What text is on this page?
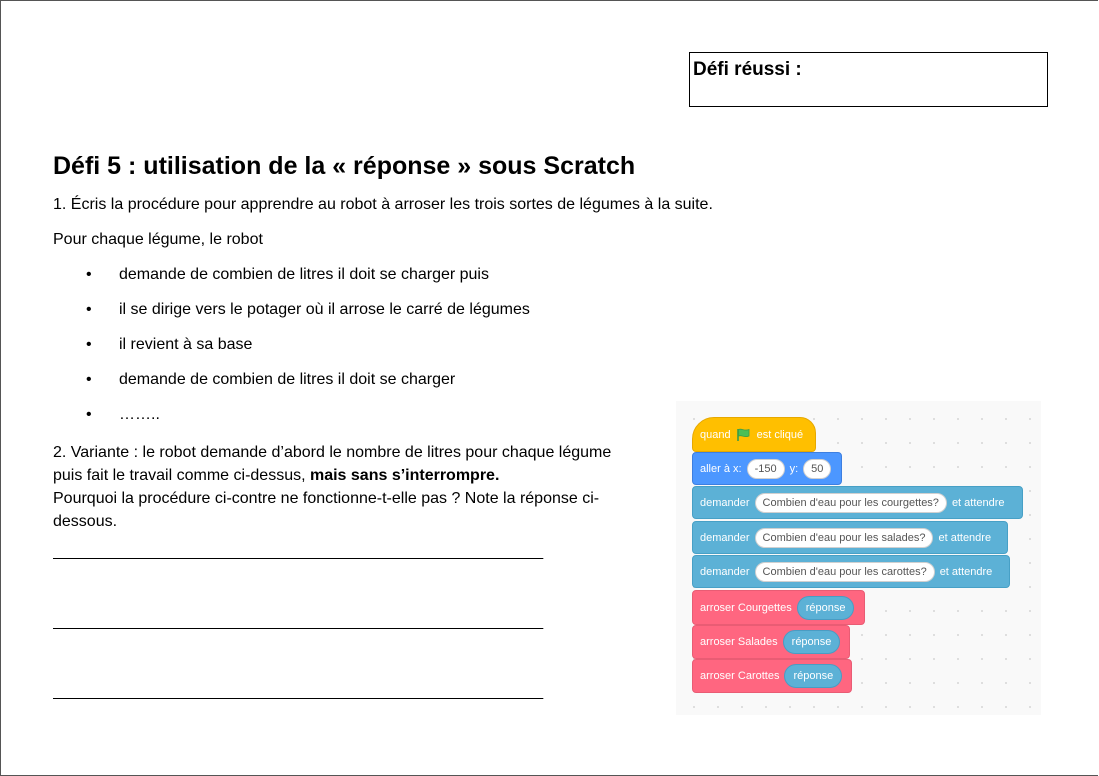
Défi réussi :
Défi 5 : utilisation de la « réponse » sous Scratch
1. Écris la procédure pour apprendre au robot à arroser les trois sortes de légumes à la suite.
Pour chaque légume, le robot
• demande de combien de litres il doit se charger puis
• il se dirige vers le potager où il arrose le carré de légumes
• il revient à sa base
• demande de combien de litres il doit se charger
• ……..
2. Variante : le robot demande d’abord le nombre de litres pour chaque légume
puis fait le travail comme ci-dessus, mais sans s’interrompre.
Pourquoi la procédure ci-contre ne fonctionne-t-elle pas ? Note la réponse ci-
dessous.
___________________________________________________________
___________________________________________________________
___________________________________________________________
quand est cliqué
aller à x:	-150	y:	50
demander	Combien d'eau pour les courgettes?	et attendre
demander	Combien d'eau pour les salades?	et attendre
demander	Combien d'eau pour les carottes?	et attendre
arroser Courgettes	réponse
arroser Salades	réponse
arroser Carottes	réponse
